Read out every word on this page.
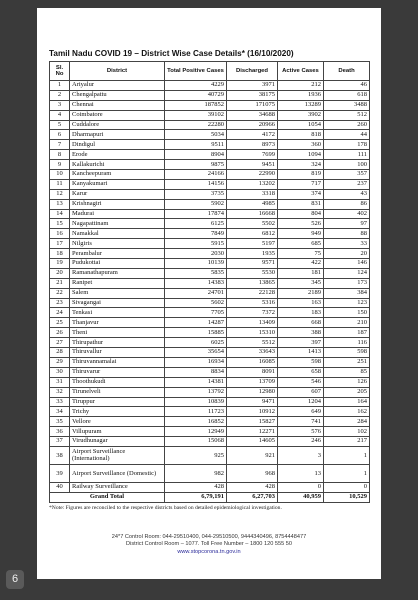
Tamil Nadu COVID 19 – District Wise Case Details* (16/10/2020)
Sl. No	District	Total Positive Cases	Discharged	Active Cases	Death
1	Ariyalur	4229	3971	212	46
2	Chengalpattu	40729	38175	1936	618
3	Chennai	187852	171075	13289	3488
4	Coimbatore	39102	34688	3902	512
5	Cuddalore	22280	20966	1054	260
6	Dharmapuri	5034	4172	818	44
7	Dindigul	9511	8973	360	178
8	Erode	8904	7699	1094	111
9	Kallakurichi	9875	9451	324	100
10	Kancheepuram	24166	22990	819	357
11	Kanyakumari	14156	13202	717	237
12	Karur	3735	3318	374	43
13	Krishnagiri	5902	4985	831	86
14	Madurai	17874	16668	804	402
15	Nagapattinam	6125	5502	526	97
16	Namakkal	7849	6812	949	88
17	Nilgiris	5915	5197	685	33
18	Perambalur	2030	1935	75	20
19	Pudukottai	10139	9571	422	146
20	Ramanathapuram	5835	5530	181	124
21	Ranipet	14383	13865	345	173
22	Salem	24701	22128	2189	384
23	Sivagangai	5602	5316	163	123
24	Tenkasi	7705	7372	183	150
25	Thanjavur	14287	13409	668	210
26	Theni	15885	15310	388	187
27	Thirupathur	6025	5512	397	116
28	Thiruvallur	35654	33643	1413	598
29	Thiruvannamalai	16934	16085	598	251
30	Thiruvarur	8834	8091	658	85
31	Thoothukudi	14381	13709	546	126
32	Tirunelveli	13792	12980	607	205
33	Tiruppur	10839	9471	1204	164
34	Trichy	11723	10912	649	162
35	Vellore	16852	15827	741	284
36	Villupuram	12949	12271	576	102
37	Virudhunagar	15068	14605	246	217
38	Airport Surveillance (International)	925	921	3	1
39	Airport Surveillance (Domestic)	982	968	13	1
40	Railway Surveillance	428	428	0	0
Grand Total		6,79,191	6,27,703	40,959	10,529
*Note: Figures are reconciled to the respective districts based on detailed epidemiological investigation.
24*7 Control Room: 044-29510400, 044-29510500, 9444340496, 8754448477
District Control Room – 1077. Toll Free Number – 1800 120 555 50
www.stopcorona.tn.gov.in
6
